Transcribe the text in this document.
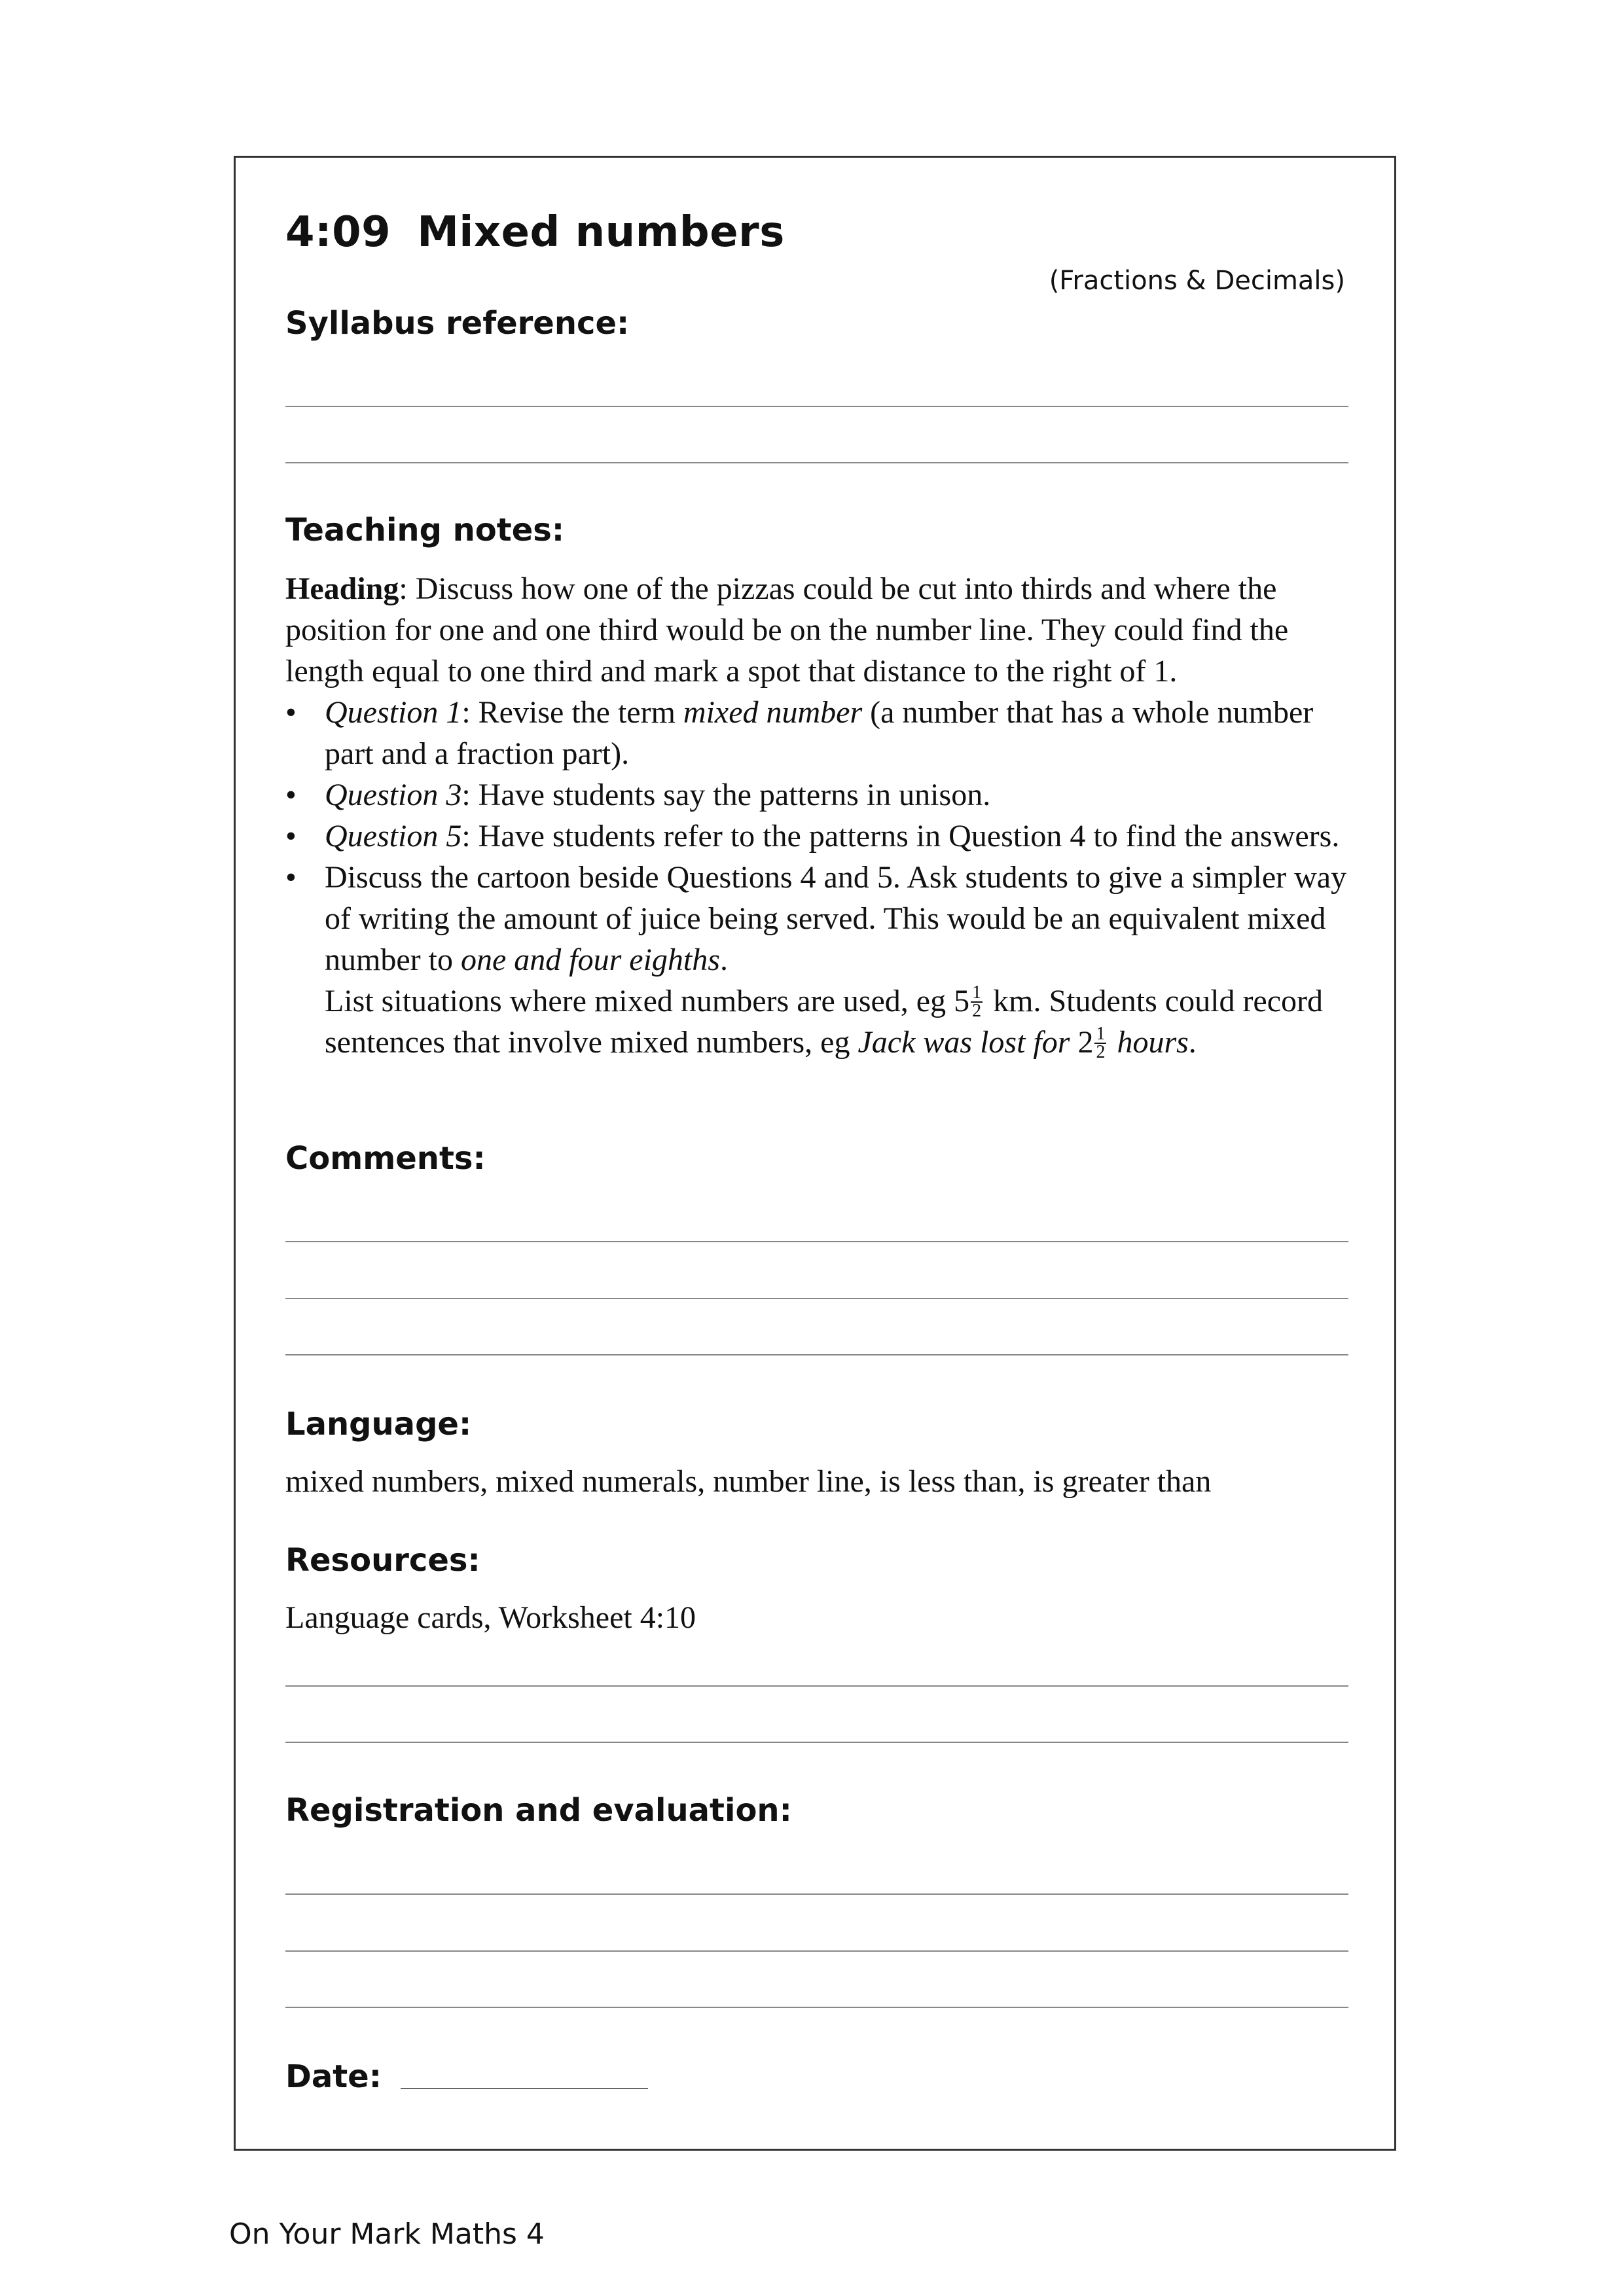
4:09 Mixed numbers
(Fractions & Decimals)
Syllabus reference:
Teaching notes:
Heading: Discuss how one of the pizzas could be cut into thirds and where the position for one and one third would be on the number line. They could find the length equal to one third and mark a spot that distance to the right of 1.
• Question 1: Revise the term mixed number (a number that has a whole number part and a fraction part).
• Question 3: Have students say the patterns in unison.
• Question 5: Have students refer to the patterns in Question 4 to find the answers.
• Discuss the cartoon beside Questions 4 and 5. Ask students to give a simpler way of writing the amount of juice being served. This would be an equivalent mixed number to one and four eighths.
List situations where mixed numbers are used, eg $5 \frac{1}{2}$ km. Students could record sentences that involve mixed numbers, eg Jack was lost for $2 \frac{1}{2}$ hours.
Comments:
Language:
mixed numbers, mixed numerals, number line, is less than, is greater than
Resources:
Language cards, Worksheet 4:10
Registration and evaluation:
Date:
On Your Mark Maths 4
